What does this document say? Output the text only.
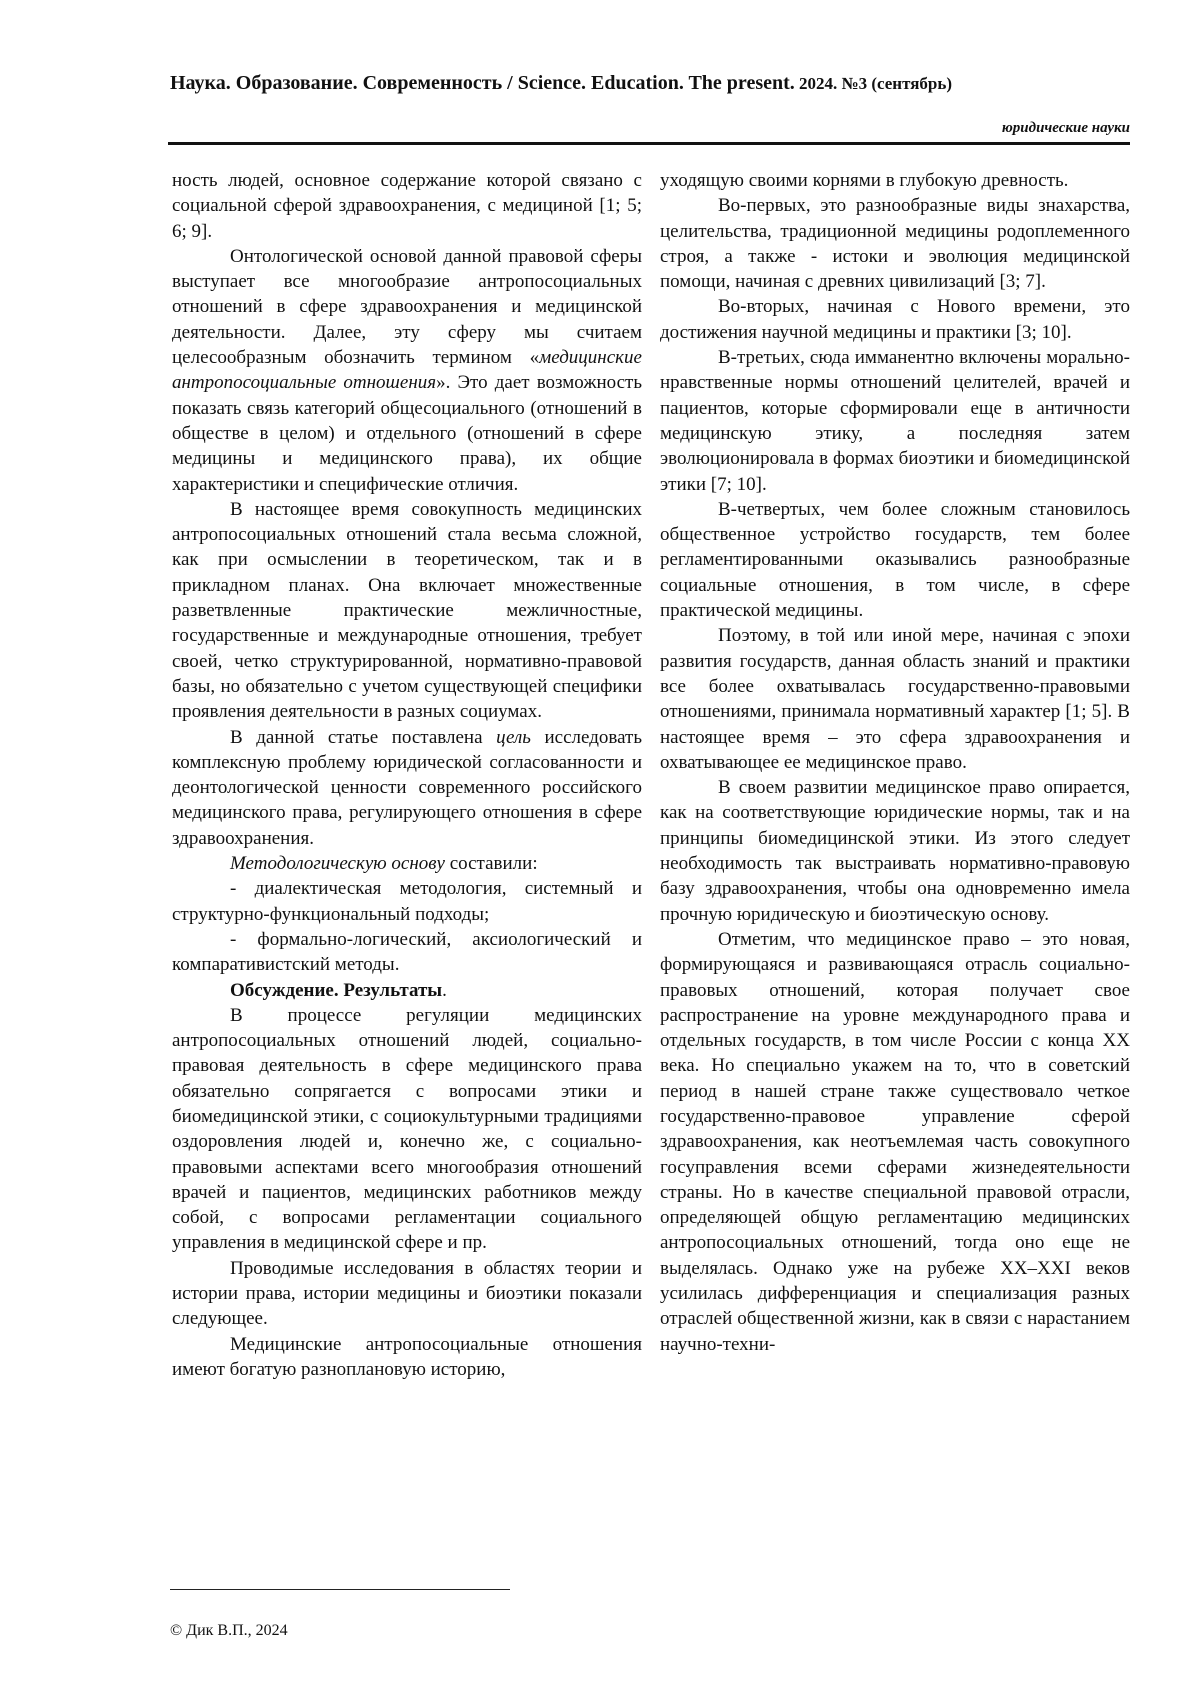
Наука. Образование. Современность / Science. Education. The present. 2024. №3 (сентябрь)
юридические науки

ность людей, основное содержание которой связано с социальной сферой здравоохранения, с медициной [1; 5; 6; 9].

Онтологической основой данной правовой сферы выступает все многообразие антропосоциальных отношений в сфере здравоохранения и медицинской деятельности. Далее, эту сферу мы считаем целесообразным обозначить термином «медицинские антропосоциальные отношения». Это дает возможность показать связь категорий общесоциального (отношений в обществе в целом) и отдельного (отношений в сфере медицины и медицинского права), их общие характеристики и специфические отличия.

В настоящее время совокупность медицинских антропосоциальных отношений стала весьма сложной, как при осмыслении в теоретическом, так и в прикладном планах. Она включает множественные разветвленные практические межличностные, государственные и международные отношения, требует своей, четко структурированной, нормативно-правовой базы, но обязательно с учетом существующей специфики проявления деятельности в разных социумах.

В данной статье поставлена цель исследовать комплексную проблему юридической согласованности и деонтологической ценности современного российского медицинского права, регулирующего отношения в сфере здравоохранения.

Методологическую основу составили:

- диалектическая методология, системный и структурно-функциональный подходы;

- формально-логический, аксиологический и компаративистский методы.

Обсуждение. Результаты.

В процессе регуляции медицинских антропосоциальных отношений людей, социально-правовая деятельность в сфере медицинского права обязательно сопрягается с вопросами этики и биомедицинской этики, с социокультурными традициями оздоровления людей и, конечно же, с социально-правовыми аспектами всего многообразия отношений врачей и пациентов, медицинских работников между собой, с вопросами регламентации социального управления в медицинской сфере и пр.

Проводимые исследования в областях теории и истории права, истории медицины и биоэтики показали следующее.

Медицинские антропосоциальные отношения имеют богатую разноплановую историю,

уходящую своими корнями в глубокую древность.

Во-первых, это разнообразные виды знахарства, целительства, традиционной медицины родоплеменного строя, а также - истоки и эволюция медицинской помощи, начиная с древних цивилизаций [3; 7].

Во-вторых, начиная с Нового времени, это достижения научной медицины и практики [3; 10].

В-третьих, сюда имманентно включены морально-нравственные нормы отношений целителей, врачей и пациентов, которые сформировали еще в античности медицинскую этику, а последняя затем эволюционировала в формах биоэтики и биомедицинской этики [7; 10].

В-четвертых, чем более сложным становилось общественное устройство государств, тем более регламентированными оказывались разнообразные социальные отношения, в том числе, в сфере практической медицины.

Поэтому, в той или иной мере, начиная с эпохи развития государств, данная область знаний и практики все более охватывалась государственно-правовыми отношениями, принимала нормативный характер [1; 5]. В настоящее время – это сфера здравоохранения и охватывающее ее медицинское право.

В своем развитии медицинское право опирается, как на соответствующие юридические нормы, так и на принципы биомедицинской этики. Из этого следует необходимость так выстраивать нормативно-правовую базу здравоохранения, чтобы она одновременно имела прочную юридическую и биоэтическую основу.

Отметим, что медицинское право – это новая, формирующаяся и развивающаяся отрасль социально-правовых отношений, которая получает свое распространение на уровне международного права и отдельных государств, в том числе России с конца XX века. Но специально укажем на то, что в советский период в нашей стране также существовало четкое государственно-правовое управление сферой здравоохранения, как неотъемлемая часть совокупного госуправления всеми сферами жизнедеятельности страны. Но в качестве специальной правовой отрасли, определяющей общую регламентацию медицинских антропосоциальных отношений, тогда оно еще не выделялась. Однако уже на рубеже XX–XXI веков усилилась дифференциация и специализация разных отраслей общественной жизни, как в связи с нарастанием научно-техни-

© Дик В.П., 2024
